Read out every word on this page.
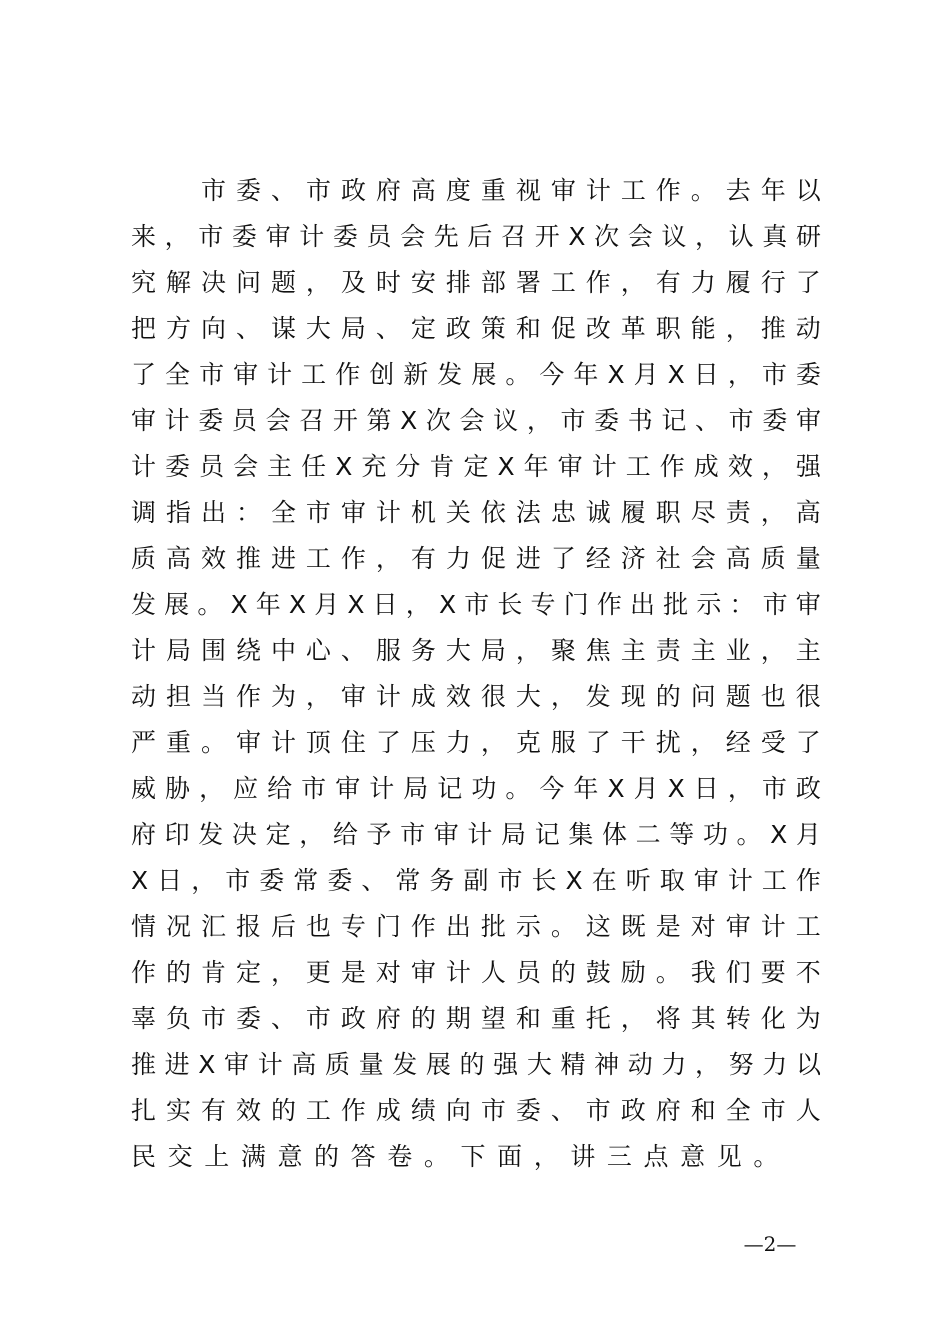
市 委 、 市 政 府 高 度 重 视 审 计 工 作 。 去 年 以
来 ， 市 委 审 计 委 员 会 先 后 召 开 X 次 会 议 ， 认 真 研
究 解 决 问 题 ， 及 时 安 排 部 署 工 作 ， 有 力 履 行 了
把 方 向 、 谋 大 局 、 定 政 策 和 促 改 革 职 能 ， 推 动
了 全 市 审 计 工 作 创 新 发 展 。 今 年 X 月 X 日 ， 市 委
审 计 委 员 会 召 开 第 X 次 会 议 ， 市 委 书 记 、 市 委 审
计 委 员 会 主 任 X 充 分 肯 定 X 年 审 计 工 作 成 效 ， 强
调 指 出 ： 全 市 审 计 机 关 依 法 忠 诚 履 职 尽 责 ， 高
质 高 效 推 进 工 作 ， 有 力 促 进 了 经 济 社 会 高 质 量
发 展 。 X 年 X 月 X 日 ， X 市 长 专 门 作 出 批 示 ： 市 审
计 局 围 绕 中 心 、 服 务 大 局 ， 聚 焦 主 责 主 业 ， 主
动 担 当 作 为 ， 审 计 成 效 很 大 ， 发 现 的 问 题 也 很
严 重 。 审 计 顶 住 了 压 力 ， 克 服 了 干 扰 ， 经 受 了
威 胁 ， 应 给 市 审 计 局 记 功 。 今 年 X 月 X 日 ， 市 政
府 印 发 决 定 ， 给 予 市 审 计 局 记 集 体 二 等 功 。 X 月
X 日 ， 市 委 常 委 、 常 务 副 市 长 X 在 听 取 审 计 工 作
情 况 汇 报 后 也 专 门 作 出 批 示 。 这 既 是 对 审 计 工
作 的 肯 定 ， 更 是 对 审 计 人 员 的 鼓 励 。 我 们 要 不
辜 负 市 委 、 市 政 府 的 期 望 和 重 托 ， 将 其 转 化 为
推 进 X 审 计 高 质 量 发 展 的 强 大 精 神 动 力 ， 努 力 以
扎 实 有 效 的 工 作 成 绩 向 市 委 、 市 政 府 和 全 市 人
民 交 上 满 意 的 答 卷 。 下 面 ， 讲 三 点 意 见 。
—2—
